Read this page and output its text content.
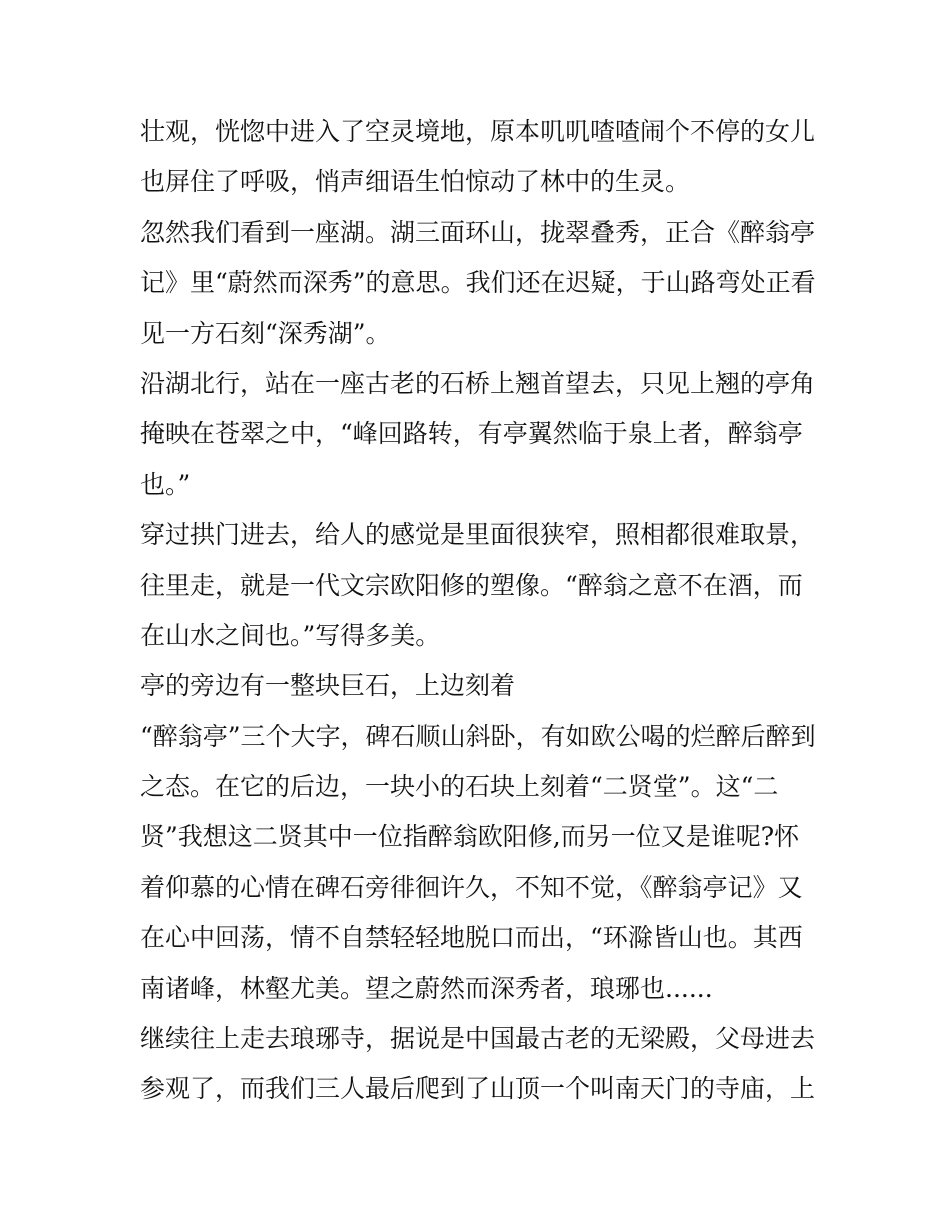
壮观，恍惚中进入了空灵境地，原本叽叽喳喳闹个不停的女儿
也屏住了呼吸，悄声细语生怕惊动了林中的生灵。
忽然我们看到一座湖。湖三面环山，拢翠叠秀，正合《醉翁亭
记》里“蔚然而深秀”的意思。我们还在迟疑，于山路弯处正看
见一方石刻“深秀湖”。
沿湖北行，站在一座古老的石桥上翘首望去，只见上翘的亭角
掩映在苍翠之中，“峰回路转，有亭翼然临于泉上者，醉翁亭
也。”
穿过拱门进去，给人的感觉是里面很狭窄，照相都很难取景，
往里走，就是一代文宗欧阳修的塑像。“醉翁之意不在酒，而
在山水之间也。”写得多美。
亭的旁边有一整块巨石，上边刻着
“醉翁亭”三个大字，碑石顺山斜卧，有如欧公喝的烂醉后醉到
之态。在它的后边，一块小的石块上刻着“二贤堂”。这“二
贤”我想这二贤其中一位指醉翁欧阳修,而另一位又是谁呢?怀
着仰慕的心情在碑石旁徘徊许久，不知不觉，《醉翁亭记》又
在心中回荡，情不自禁轻轻地脱口而出，“环滁皆山也。其西
南诸峰，林壑尤美。望之蔚然而深秀者，琅琊也......
继续往上走去琅琊寺，据说是中国最古老的无梁殿，父母进去
参观了，而我们三人最后爬到了山顶一个叫南天门的寺庙，上
